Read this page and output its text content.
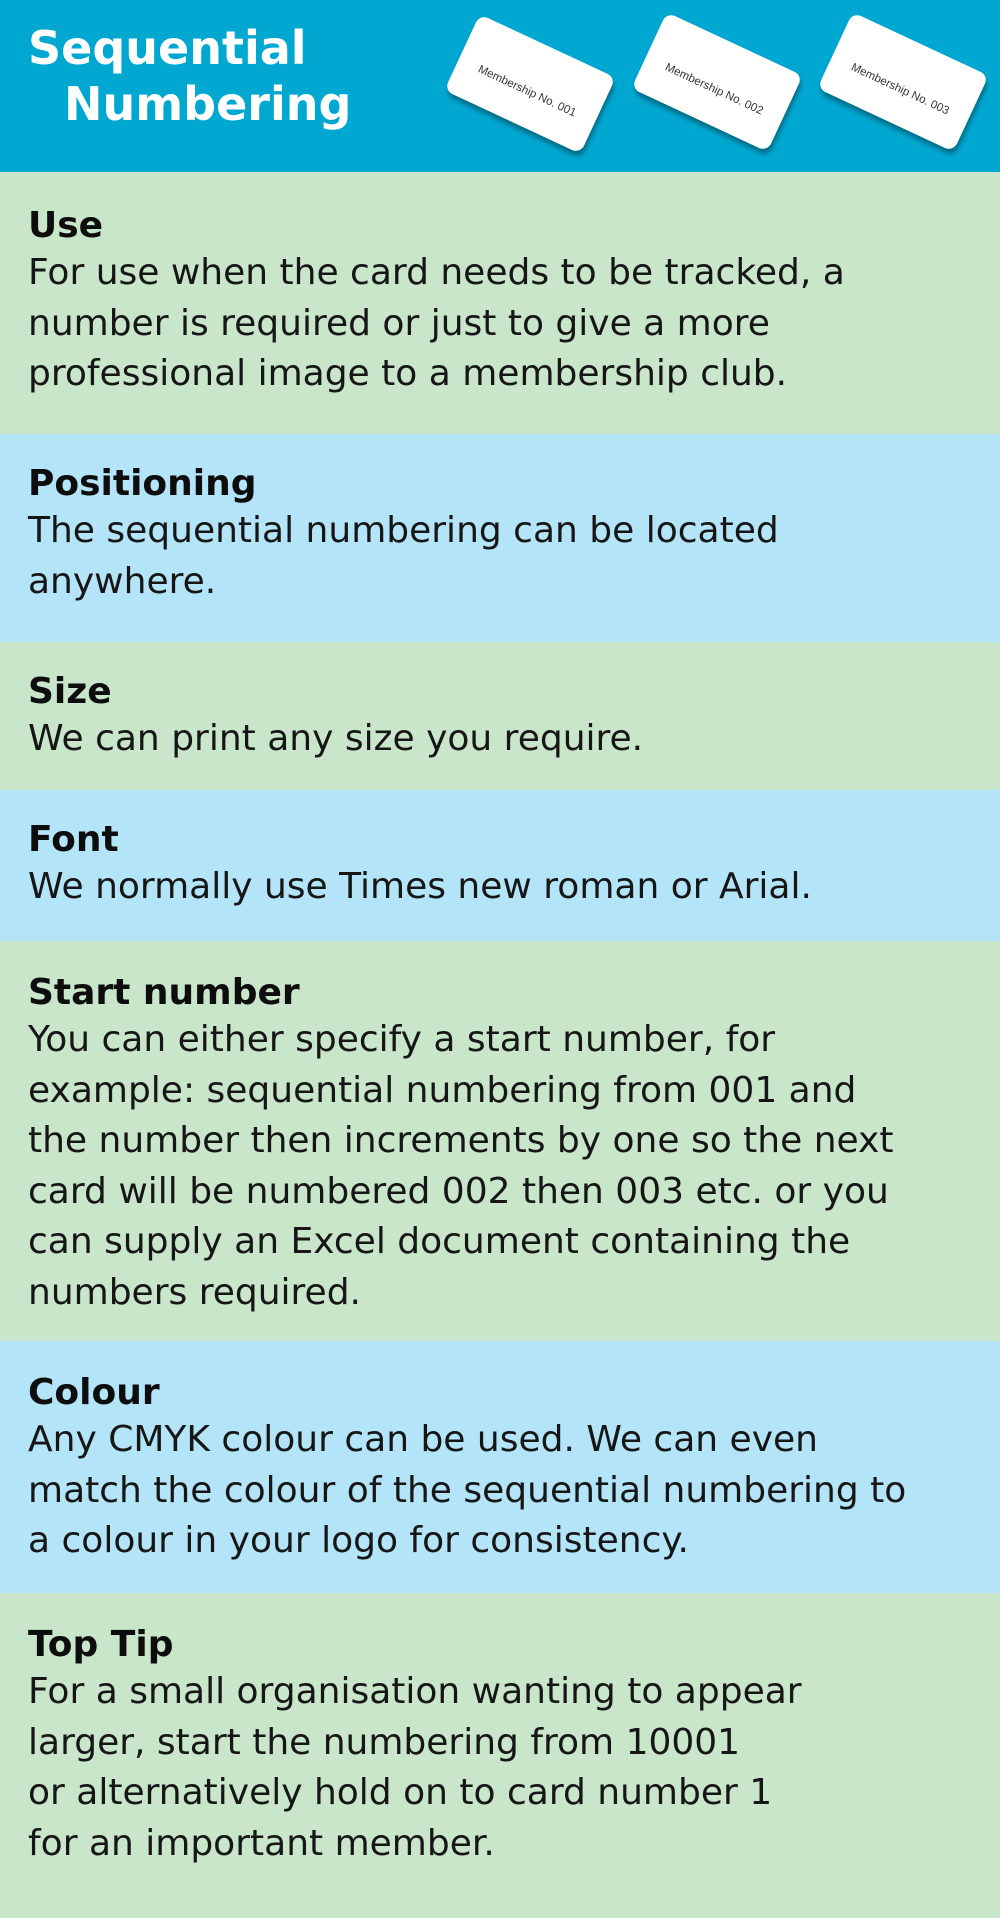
Sequential
Numbering	Membership No. 001	Membership No. 002	Membership No. 003
Use

For use when the card needs to be tracked, a
number is required or just to give a more
professional image to a membership club.

Positioning

The sequential numbering can be located
anywhere.

Size

We can print any size you require.

Font

We normally use Times new roman or Arial.

Start number

You can either specify a start number, for
example: sequential numbering from 001 and
the number then increments by one so the next
card will be numbered 002 then 003 etc. or you
can supply an Excel document containing the
numbers required.

Colour

Any CMYK colour can be used. We can even
match the colour of the sequential numbering to
a colour in your logo for consistency.

Top Tip

For a small organisation wanting to appear
larger, start the numbering from 10001
or alternatively hold on to card number 1
for an important member.
